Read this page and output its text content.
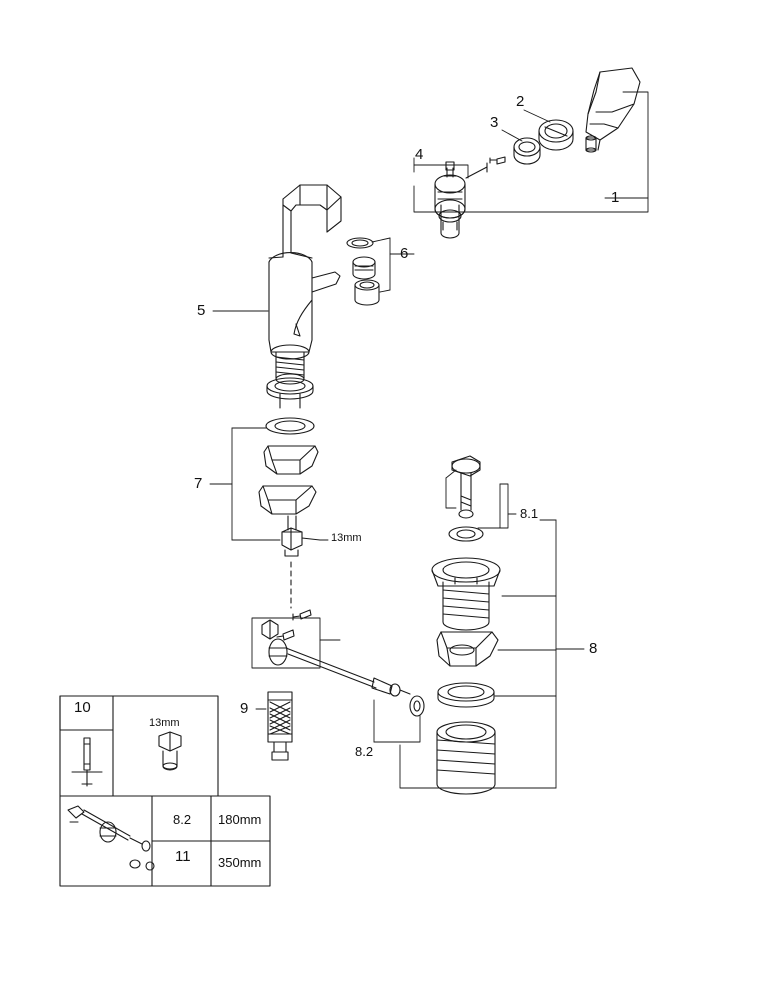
1
2
3
4
5
6
7
8
8.1
8.2
9
10
11
13mm
13mm
8.2 180mm
350mm
